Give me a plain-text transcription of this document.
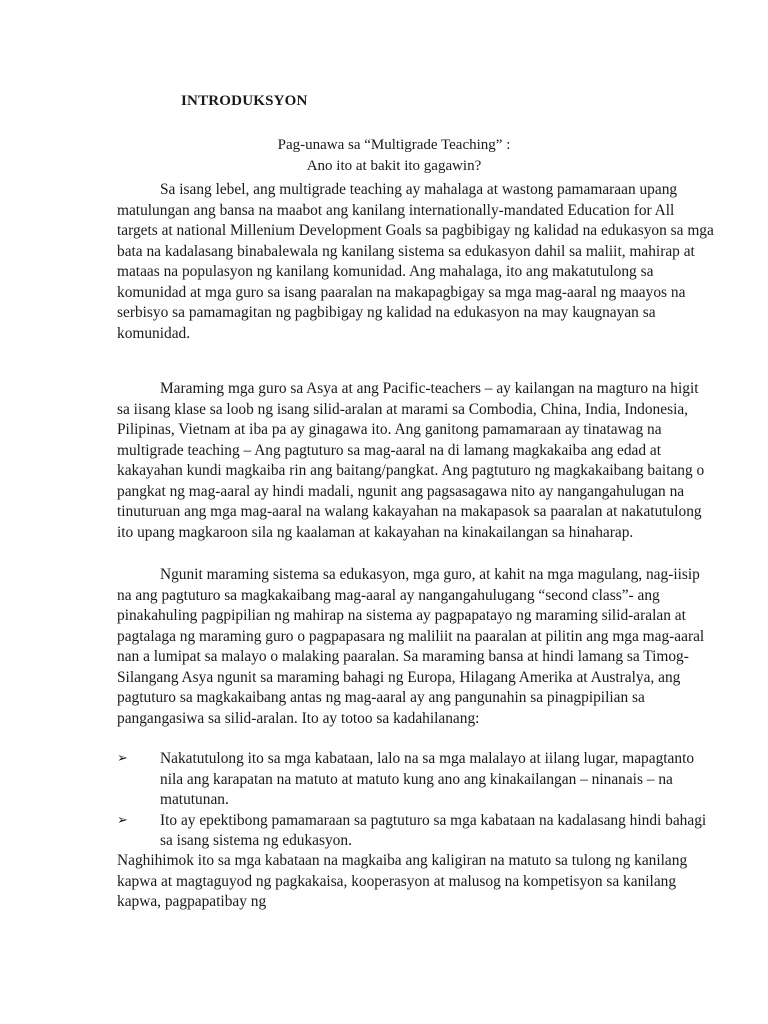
INTRODUKSYON
Pag-unawa sa “Multigrade Teaching” :
Ano ito at bakit ito gagawin?
Sa isang lebel, ang multigrade teaching ay mahalaga at wastong pamamaraan upang
matulungan ang bansa na maabot ang kanilang internationally-mandated Education for All
targets at national Millenium Development Goals sa pagbibigay ng kalidad na edukasyon sa mga
bata na kadalasang binabalewala ng kanilang sistema sa edukasyon dahil sa maliit, mahirap at
mataas na populasyon ng kanilang komunidad. Ang mahalaga, ito ang makatutulong sa
komunidad at mga guro sa isang paaralan na makapagbigay sa mga mag-aaral ng maayos na
serbisyo sa pamamagitan ng pagbibigay ng kalidad na edukasyon na may kaugnayan sa
komunidad.
Maraming mga guro sa Asya at ang Pacific-teachers – ay kailangan na magturo na higit
sa iisang klase sa loob ng isang silid-aralan at marami sa Combodia, China, India, Indonesia,
Pilipinas, Vietnam at iba pa ay ginagawa ito. Ang ganitong pamamaraan ay tinatawag na
multigrade teaching – Ang pagtuturo sa mag-aaral na di lamang magkakaiba ang edad at
kakayahan kundi magkaiba rin ang baitang/pangkat. Ang pagtuturo ng magkakaibang baitang o
pangkat ng mag-aaral ay hindi madali, ngunit ang pagsasagawa nito ay nangangahulugan na
tinuturuan ang mga mag-aaral na walang kakayahan na makapasok sa paaralan at nakatutulong
ito upang magkaroon sila ng kaalaman at kakayahan na kinakailangan sa hinaharap.
Ngunit maraming sistema sa edukasyon, mga guro, at kahit na mga magulang, nag-iisip
na ang pagtuturo sa magkakaibang mag-aaral ay nangangahulugang “second class”- ang
pinakahuling pagpipilian ng mahirap na sistema ay pagpapatayo ng maraming silid-aralan at
pagtalaga ng maraming guro o pagpapasara ng maliliit na paaralan at pilitin ang mga mag-aaral
nan a lumipat sa malayo o malaking paaralan. Sa maraming bansa at hindi lamang sa Timog-
Silangang Asya ngunit sa maraming bahagi ng Europa, Hilagang Amerika at Australya, ang
pagtuturo sa magkakaibang antas ng mag-aaral ay ang pangunahin sa pinagpipilian sa
pangangasiwa sa silid-aralan. Ito ay totoo sa kadahilanang:
➢ Nakatutulong ito sa mga kabataan, lalo na sa mga malalayo at iilang lugar, mapagtanto
nila ang karapatan na matuto at matuto kung ano ang kinakailangan – ninanais – na
matutunan.
➢ Ito ay epektibong pamamaraan sa pagtuturo sa mga kabataan na kadalasang hindi bahagi
sa isang sistema ng edukasyon.
Naghihimok ito sa mga kabataan na magkaiba ang kaligiran na matuto sa tulong ng kanilang
kapwa at magtaguyod ng pagkakaisa, kooperasyon at malusog na kompetisyon sa kanilang
kapwa, pagpapatibay ng
